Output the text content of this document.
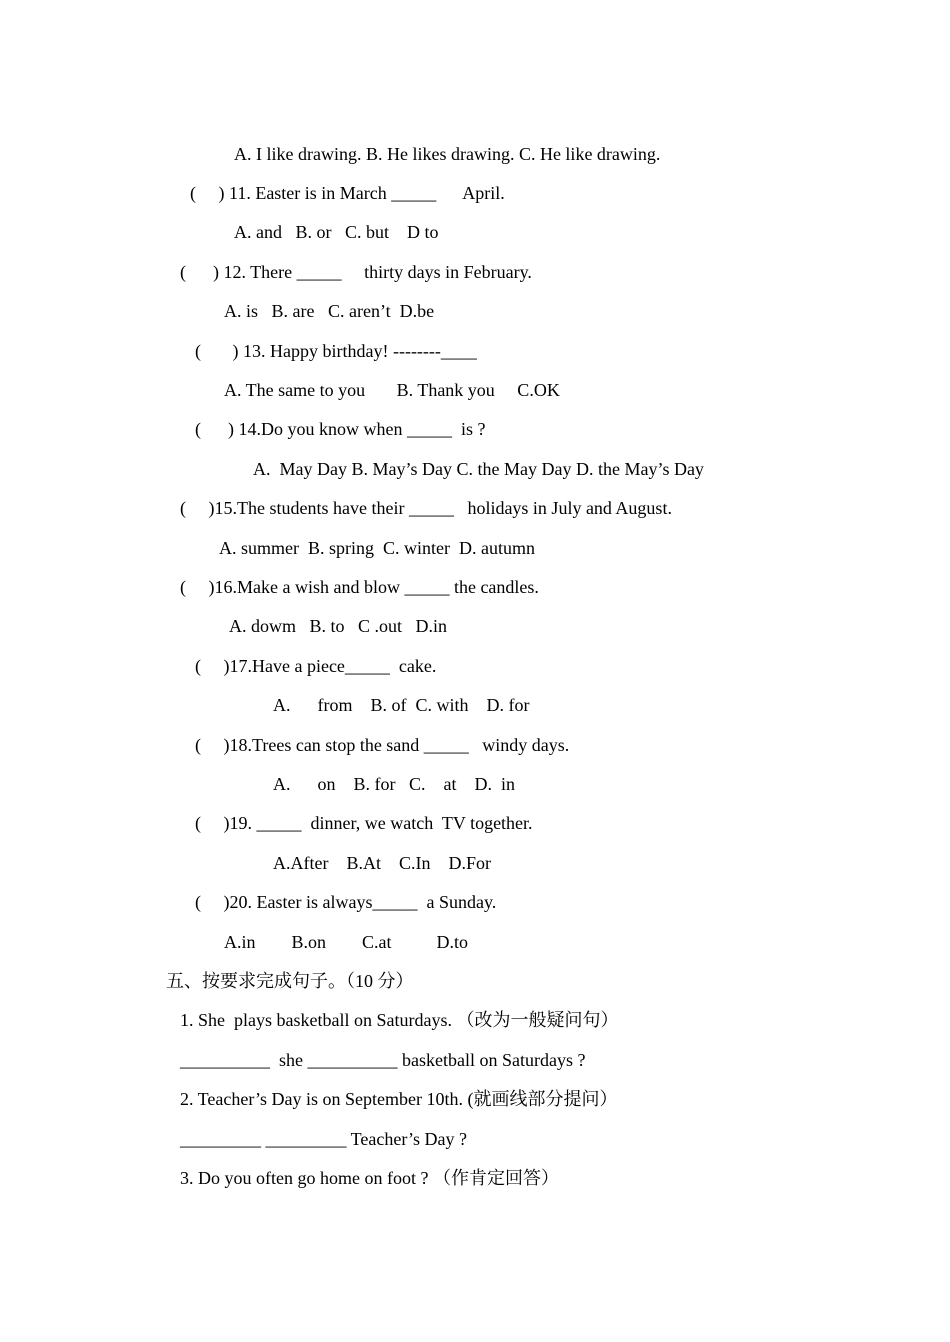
A. I like drawing. B. He likes drawing. C. He like drawing.
(     ) 11. Easter is in March _____      April.
A. and   B. or   C. but    D to
(      ) 12. There _____     thirty days in February.
A. is   B. are   C. aren’t  D.be
(       ) 13. Happy birthday! --------____
A. The same to you       B. Thank you     C.OK
(      ) 14.Do you know when _____  is ?
A.  May Day B. May’s Day C. the May Day D. the May’s Day
(     )15.The students have their _____   holidays in July and August.
A. summer  B. spring  C. winter  D. autumn
(     )16.Make a wish and blow _____ the candles.
A. dowm   B. to   C .out   D.in
(     )17.Have a piece_____  cake.
A.      from    B. of  C. with    D. for
(     )18.Trees can stop the sand _____   windy days.
A.      on    B. for   C.    at    D.  in
(     )19. _____  dinner, we watch  TV together.
A.After    B.At    C.In    D.For
(     )20. Easter is always_____  a Sunday.
A.in        B.on        C.at          D.to
五、按要求完成句子。（10 分）
1. She  plays basketball on Saturdays. （改为一般疑问句）
__________  she __________ basketball on Saturdays ?
2. Teacher’s Day is on September 10th. (就画线部分提问）
_________ _________ Teacher’s Day ?
3. Do you often go home on foot ? （作肯定回答）
